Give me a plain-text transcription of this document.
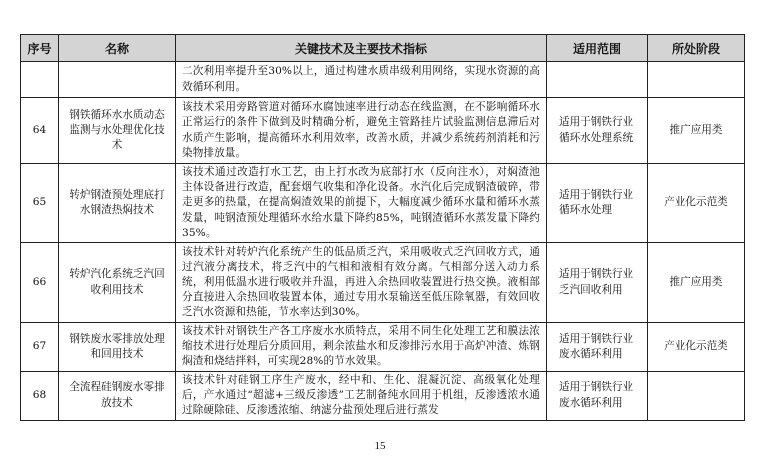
序号	名称	关键技术及主要技术指标	适用范围	所处阶段
		二次利用率提升至30%以上，通过构建水质串级利用网络，实现水资源的高效循环利用。		
64	钢铁循环水水质动态监测与水处理优化技术	该技术采用旁路管道对循环水腐蚀速率进行动态在线监测，在不影响循环水正常运行的条件下做到及时精确分析，避免主管路挂片试验监测信息滞后对水质产生影响，提高循环水利用效率，改善水质，并减少系统药剂消耗和污染物排放量。	适用于钢铁行业循环水处理系统	推广应用类
65	转炉钢渣预处理底打水钢渣热焖技术	该技术通过改造打水工艺，由上打水改为底部打水（反向注水），对焖渣池主体设备进行改造，配套烟气收集和净化设备。水汽化后完成钢渣破碎，带走更多的热量，在提高焖渣效果的前提下，大幅度减少循环水量和循环水蒸发量，吨钢渣预处理循环水给水量下降约85%，吨钢渣循环水蒸发量下降约35%。	适用于钢铁行业循环水处理	产业化示范类
66	转炉汽化系统乏汽回收利用技术	该技术针对转炉汽化系统产生的低品质乏汽，采用吸收式乏汽回收方式，通过汽液分离技术，将乏汽中的气相和液相有效分离。气相部分送入动力系统，利用低温水进行吸收并升温，再进入余热回收装置进行热交换。液相部分直接进入余热回收装置本体，通过专用水泵输送至低压除氧器，有效回收乏汽水资源和热能，节水率达到30%。	适用于钢铁行业乏汽回收利用	推广应用类
67	钢铁废水零排放处理和回用技术	该技术针对钢铁生产各工序废水水质特点，采用不同生化处理工艺和膜法浓缩技术进行处理后分质回用，剩余浓盐水和反渗排污水用于高炉冲渣、炼钢焖渣和烧结拌料，可实现28%的节水效果。	适用于钢铁行业废水循环利用	产业化示范类
68	全流程硅钢废水零排放技术	该技术针对硅钢工序生产废水，经中和、生化、混凝沉淀、高级氧化处理后，产水通过“超滤+三级反渗透”工艺制备纯水回用于机组，反渗透浓水通过除硬除硅、反渗透浓缩、纳滤分盐预处理后进行蒸发	适用于钢铁行业废水循环利用	
15
